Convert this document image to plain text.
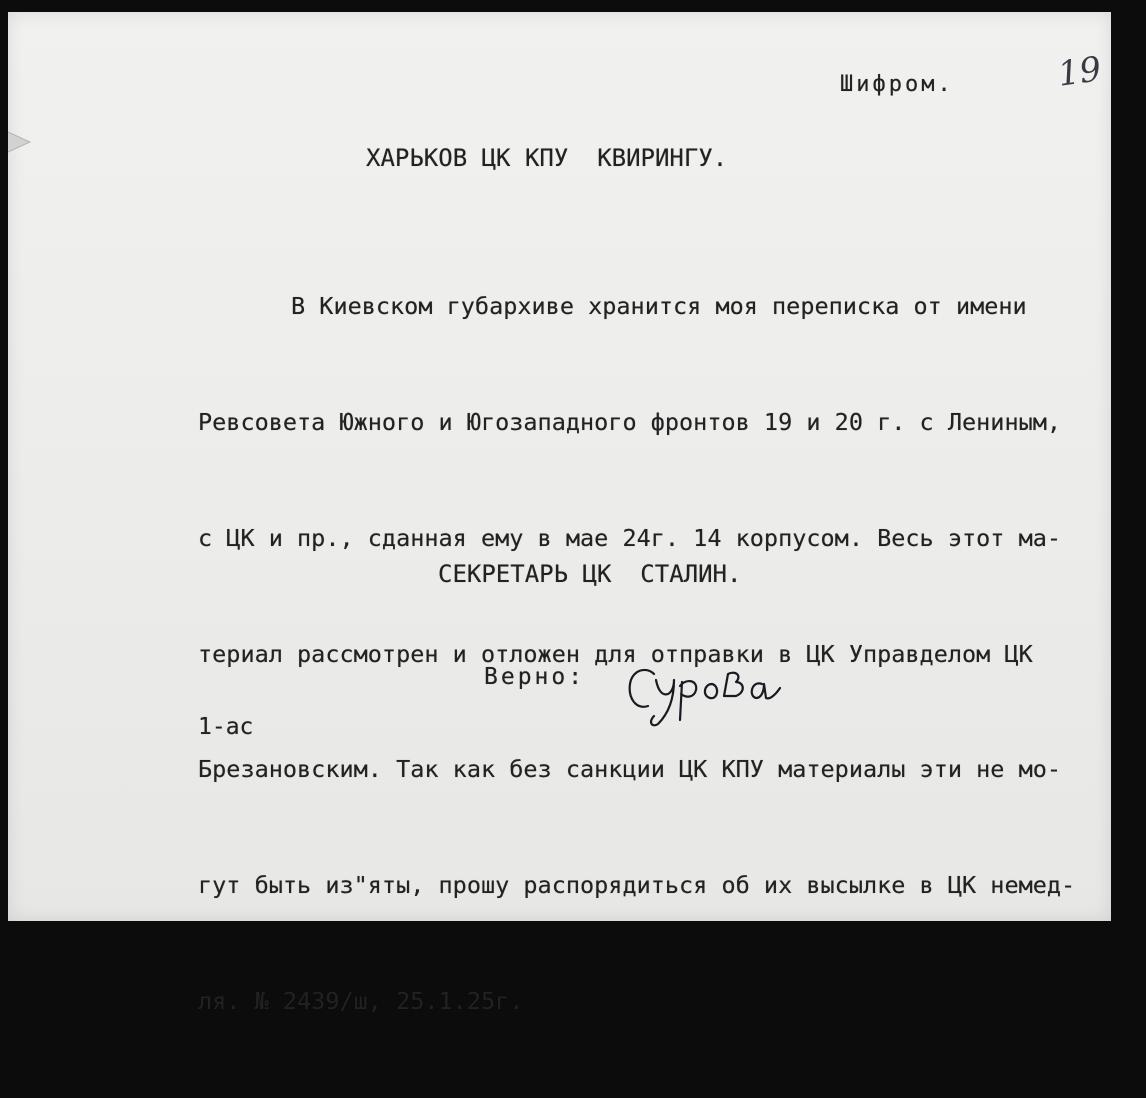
19
Шифром.
ХАРЬКОВ ЦК КПУ  КВИРИНГУ.

В Киевском губархиве хранится моя переписка от имени

Ревсовета Южного и Югозападного фронтов 19 и 20 г. с Лениным,

с ЦК и пр., сданная ему в мае 24г. 14 корпусом. Весь этот ма-

териал рассмотрен и отложен для отправки в ЦК Управделом ЦК

Брезановским. Так как без санкции ЦК КПУ материалы эти не мо-

гут быть из"яты, прошу распорядиться об их высылке в ЦК немед-

ля. № 2439/ш, 25.1.25г.

СЕКРЕТАРЬ ЦК  СТАЛИН.
Верно:
1-ас
